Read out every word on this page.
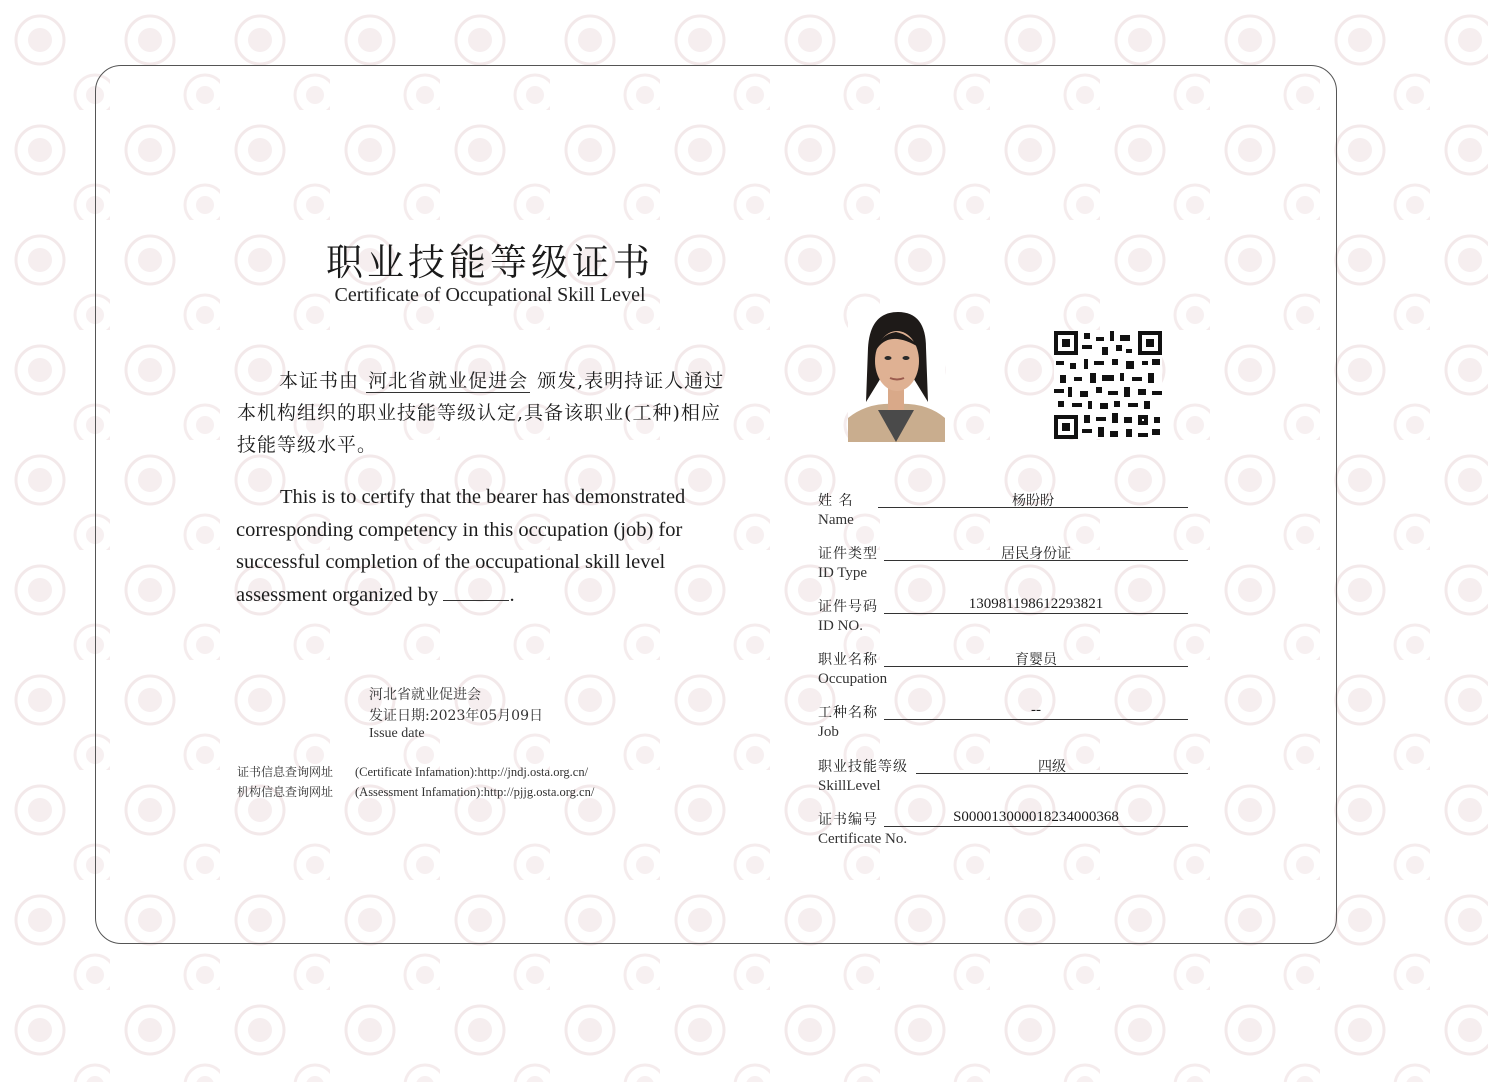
职业技能等级证书
Certificate of Occupational Skill Level
本证书由 河北省就业促进会 颁发,表明持证人通过本机构组织的职业技能等级认定,具备该职业(工种)相应技能等级水平。
This is to certify that the bearer has demonstrated corresponding competency in this occupation (job) for successful completion of the occupational skill level assessment organized by	.
河北省就业促进会
发证日期:2023年05月09日
Issue date
证书信息查询网址 (Certificate Infamation):http://jndj.osta.org.cn/
机构信息查询网址 (Assessment Infamation):http://pjjg.osta.org.cn/
姓 名
Name
杨盼盼
证件类型
ID Type
居民身份证
证件号码
ID NO.
130981198612293821
职业名称
Occupation
育婴员
工种名称
Job
--
职业技能等级
SkillLevel
四级
证书编号
Certificate No.
S000013000018234000368
